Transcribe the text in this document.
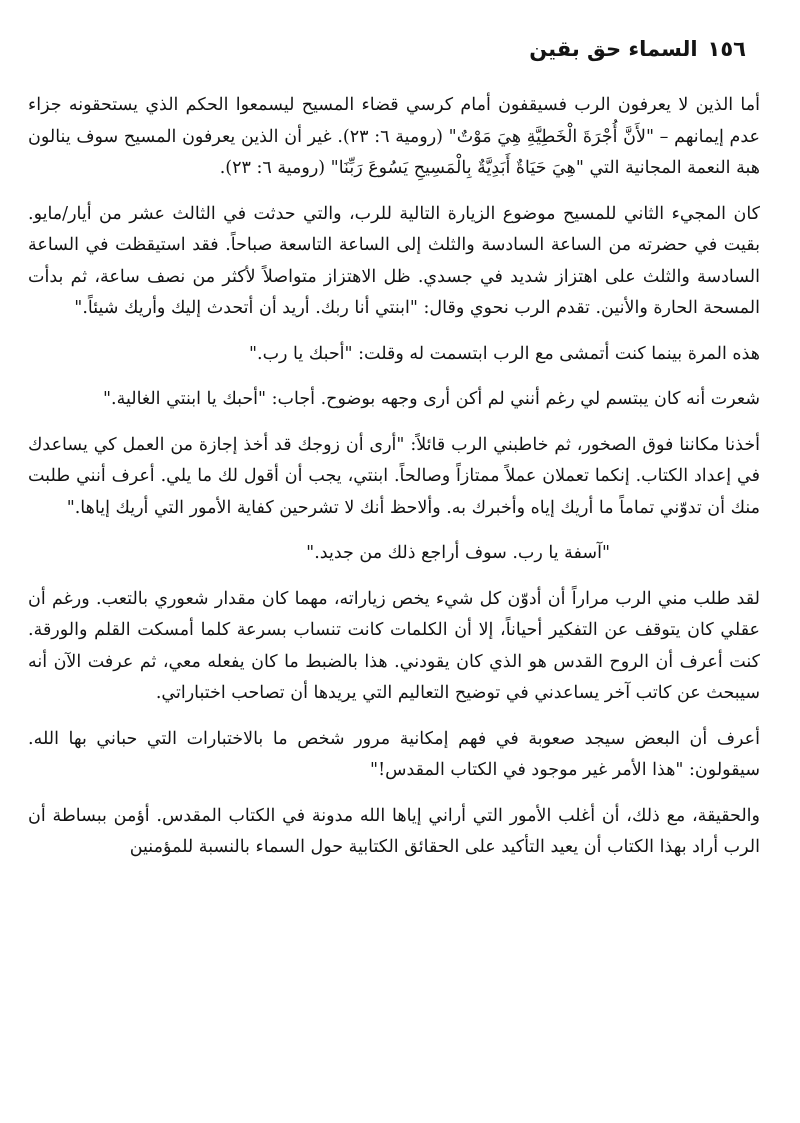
١٥٦
السماء حق بقين

أما الذين لا يعرفون الرب فسيقفون أمام كرسي قضاء المسيح ليسمعوا الحكم الذي يستحقونه جزاء عدم إيمانهم – "لأَنَّ أُجْرَةَ الْخَطِيَّةِ هِيَ مَوْتٌ" (رومية ٦: ٢٣). غير أن الذين يعرفون المسيح سوف ينالون هبة النعمة المجانية التي "هِيَ حَيَاةٌ أَبَدِيَّةٌ بِالْمَسِيحِ يَسُوعَ رَبِّنَا" (رومية ٦: ٢٣).

كان المجيء الثاني للمسيح موضوع الزيارة التالية للرب، والتي حدثت في الثالث عشر من أيار/مايو. بقيت في حضرته من الساعة السادسة والثلث إلى الساعة التاسعة صباحاً. فقد استيقظت في الساعة السادسة والثلث على اهتزاز شديد في جسدي. ظل الاهتزاز متواصلاً لأكثر من نصف ساعة، ثم بدأت المسحة الحارة والأنين. تقدم الرب نحوي وقال: "ابنتي أنا ربك. أريد أن أتحدث إليك وأريك شيئاً."

هذه المرة بينما كنت أتمشى مع الرب ابتسمت له وقلت: "أحبك يا رب."

شعرت أنه كان يبتسم لي رغم أنني لم أكن أرى وجهه بوضوح. أجاب: "أحبك يا ابنتي الغالية."

أخذنا مكاننا فوق الصخور، ثم خاطبني الرب قائلاً: "أرى أن زوجك قد أخذ إجازة من العمل كي يساعدك في إعداد الكتاب. إنكما تعملان عملاً ممتازاً وصالحاً. ابنتي، يجب أن أقول لك ما يلي. أعرف أنني طلبت منك أن تدوّني تماماً ما أريك إياه وأخبرك به. وألاحظ أنك لا تشرحين كفاية الأمور التي أريك إياها."

"آسفة يا رب. سوف أراجع ذلك من جديد."

لقد طلب مني الرب مراراً أن أدوّن كل شيء يخص زياراته، مهما كان مقدار شعوري بالتعب. ورغم أن عقلي كان يتوقف عن التفكير أحياناً، إلا أن الكلمات كانت تنساب بسرعة كلما أمسكت القلم والورقة. كنت أعرف أن الروح القدس هو الذي كان يقودني. هذا بالضبط ما كان يفعله معي، ثم عرفت الآن أنه سيبحث عن كاتب آخر يساعدني في توضيح التعاليم التي يريدها أن تصاحب اختباراتي.

أعرف أن البعض سيجد صعوبة في فهم إمكانية مرور شخص ما بالاختبارات التي حباني بها الله. سيقولون: "هذا الأمر غير موجود في الكتاب المقدس!"

والحقيقة، مع ذلك، أن أغلب الأمور التي أراني إياها الله مدونة في الكتاب المقدس. أؤمن ببساطة أن الرب أراد بهذا الكتاب أن يعيد التأكيد على الحقائق الكتابية حول السماء بالنسبة للمؤمنين
